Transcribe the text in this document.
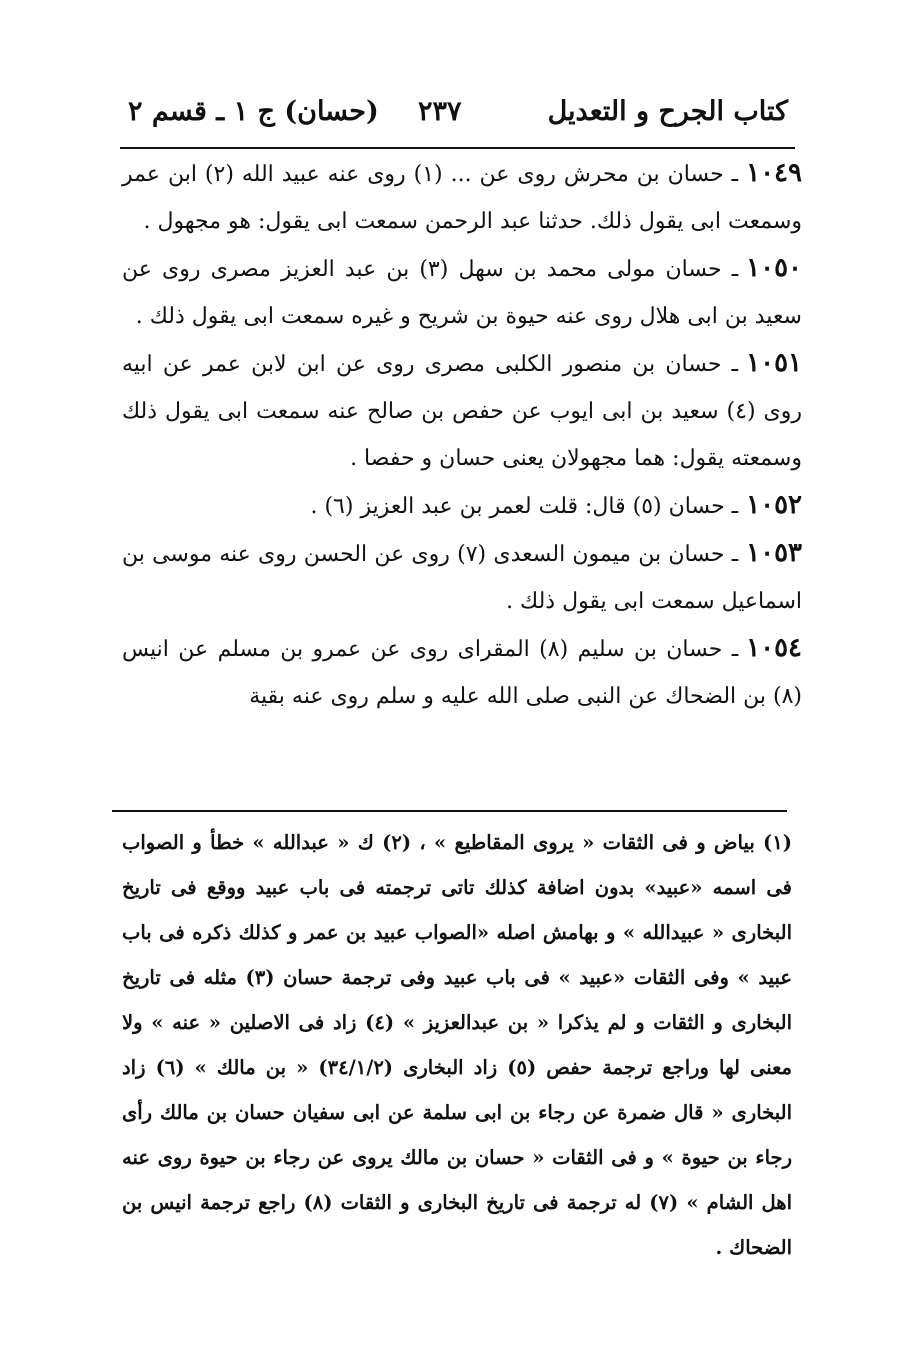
كتاب الجرح و التعديل
٢٣٧
(حسان) ج ١ ـ قسم ٢

١٠٤٩ـ حسان بن محرش روى عن ... (١) روى عنه عبيد الله (٢) ابن عمر وسمعت ابى يقول ذلك. حدثنا عبد الرحمن سمعت ابى يقول: هو مجهول .

١٠٥٠ـ حسان مولى محمد بن سهل (٣) بن عبد العزيز مصرى روى عن سعيد بن ابى هلال روى عنه حيوة بن شريح و غيره سمعت ابى يقول ذلك .

١٠٥١ـ حسان بن منصور الكلبى مصرى روى عن ابن لابن عمر عن ابيه روى (٤) سعيد بن ابى ايوب عن حفص بن صالح عنه سمعت ابى يقول ذلك وسمعته يقول: هما مجهولان يعنى حسان و حفصا .

١٠٥٢ـ حسان (٥) قال: قلت لعمر بن عبد العزيز (٦) .

١٠٥٣ـ حسان بن ميمون السعدى (٧) روى عن الحسن روى عنه موسى بن اسماعيل سمعت ابى يقول ذلك .

١٠٥٤ـ حسان بن سليم (٨) المقراى روى عن عمرو بن مسلم عن انيس (٨) بن الضحاك عن النبى صلى الله عليه و سلم روى عنه بقية

(١) بياض و فى الثقات « يروى المقاطيع » ، (٢) ك « عبدالله » خطأ و الصواب فى اسمه «عبيد» بدون اضافة كذلك تاتى ترجمته فى باب عبيد ووقع فى تاريخ البخارى « عبيدالله » و بهامش اصله «الصواب عبيد بن عمر و كذلك ذكره فى باب عبيد » وفى الثقات «عبيد » فى باب عبيد وفى ترجمة حسان (٣) مثله فى تاريخ البخارى و الثقات و لم يذكرا « بن عبدالعزيز » (٤) زاد فى الاصلين « عنه » ولا معنى لها وراجع ترجمة حفص (٥) زاد البخارى (٣٤/١/٢) « بن مالك » (٦) زاد البخارى « قال ضمرة عن رجاء بن ابى سلمة عن ابى سفيان حسان بن مالك رأى رجاء بن حيوة » و فى الثقات « حسان بن مالك يروى عن رجاء بن حيوة روى عنه اهل الشام » (٧) له ترجمة فى تاريخ البخارى و الثقات (٨) راجع ترجمة انيس بن الضحاك .
